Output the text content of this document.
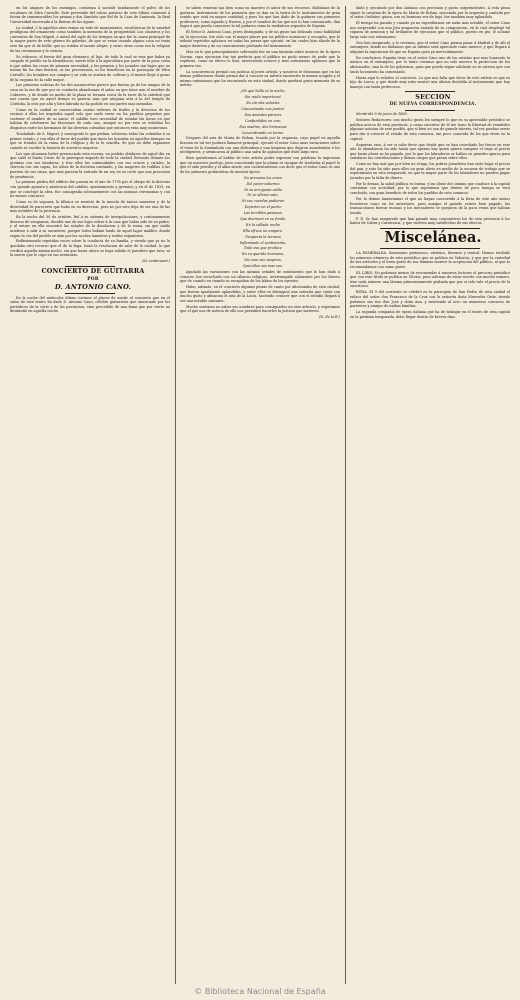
en los ataques de los enemigos, comienza á sacudir hondamente el polvo de los escalones de Silva Carvallo. Este prevenido del celoso patricio de este último comenzó á forzar de inmemorables los primas y dos Sanchéz que fiel de la Casa de Santarén, la Real Universidad encerrada á la Rentas de las Aguas.

La ciudad, ó la aquellos años vemos en todo de monumentos, escultóricas de la vanidad prodigiosa del ornamento como tambien la memoria de la prosperidad. Los claustros y los conventos de San Miguel, á mitad del siglo de los tiempos en que fue la causa principal de la mayor parte de este género de galerías, de que se veian cuando alguna cosa no tenia otro fin que el de bullir, que no estaba el monte alegre, y entre otras cosas era la religion de las ceremonias y la ciencia.

Su esfuerzo, el fervor del gran elemento, el lujo, de todo lo cual se veia que habia ya cargado el pueblo en la abundancia; suerte feliz á la agricultura por parte de la poca costa á que salían las cosas de primera necesidad, y los gremios y los jornales tan bajos que no tenian fin los dias festivos, ni las procesiones, ni los beneficios en la parroquia de Silva Carvallo, los hombres sus campos y su vida se acaban de cultivar y el monte llegó á gozar de la esquina de la calle mayor.

Las primeras noticias de los dos manuscritos parece que fueron ya de los amigos de la casa en la era de que por su conducta abandonara el salon en que tiene aun el nombre de Cabreros, y de donde en medio de la plaza se levanta cerca de la torre de la catedral que nos consta que en aquel tiempo se parecia mas que ninguna otra á la del templo de Córdoba, la otra por alta y bien labrada no ha podido en sus partes mas menudas.

Como en la ciudad se conservaban cuatro órdenes de frailes y la devocion de los vecinos á ellas les inspiraba aquel celo que suele verse en los pueblos pequeños por sostener el nombre de su santo, el cabildo tuvo necesidad de señalar las horas en que habian de celebrarse las funciones de cada uno, aunque no por esto se evitaban los disgustos entre los hermanos de las diversas cofradías que entonces eran muy numerosas.

Trasladado de S. Miguel, y conseguido lo que pedian, volvieron todas las cofradías á su primer estado, y con ellas el favor del pueblo que tanto las honraba en aquellos tiempos en que se trataba de la ruina de la religion y de la fe sencilla, de que no debe separarse cuando se escribe la historia de nuestros mayores.

Los que alcanzan haber presenciado esta escena, no podrán olvidarse de aquel dia en que salió el Santo Cristo de la parroquia seguido de toda la ciudad, llevando delante los gremios con sus banderas, y tras ellos las comunidades con sus cruces y ciriales, la clerecía con sus capas, los niños de la doctrina cantando, y las mugeres de rodillas á las puertas de sus casas, que mas parecia la entrada de un rey en su corte que una procesion de penitencia.

La primera piedra del edificio fue puesta en el año de 1795 por el obispo de la diócesis con grande aparato y asistencia del cabildo, ayuntamiento y gremios; y en el de 1833, en que se concluyó la obra, fue consagrada solemnemente con las mismas ceremonias y con no menos concurso.

Como es de suponer, la fábrica se resintió de la mezcla de tantos maestros y de la diversidad de pareceres que hubo en su direccion, pero no por esto deja de ser una de las mas notables de la provincia.

En la noche del 30 de octubre, fiel á su sistema de interpolaciones, y continuamente deseoso de venganzas, decidió uno de sus hijos volver á la casa que habia sido de su padre, y al entrar en ella encontró las señales de la desolacion y de la ruina, sin que nadie acudiese á salir á su encuentro, porque todos habian huido de aquel lugar maldito, donde segun la voz del pueblo se oian por las noches lamentos y ruidos espantosos.

Reflexionando repetidas veces sobre la conducta de su familia, y viendo que ya no le quedaba otro recurso que el de la fuga, tomó la resolucion de salir de la ciudad, lo que verificó aquella misma noche, sin que hasta ahora se haya sabido el paradero que tuvo, ni la suerte que le cupo en sus aventuras.

(Se continuará.)

CONCIERTO DE GUITARRA

POR

D. ANTONIO CANO.

En la noche del miércoles último tuvimos el placer de asistir al concierto que en el salon de este teatro ha dado D. Antonio Cano, célebre guitarrista que anunciado por los periódicos de la córte y de las provincias, vino precedido de una fama que por cierto no desmintió en aquella noche.

se saben veneran tan bien como su maestro el autor de sus recursos. Hablamos de la guitarra, instrumento de los primeros que se dan en la tierra de lo instrumentos de gran sonido que está en mayor cantidad, y pues los que han dado de la guitarra sus primeros profesores, como Aguado y Huerta, y por el nombre de los que nos lo han comunicado, dan lugar á que pueda conocerse la tal guitarra como la verdadera orquesta de España.

El Señor D. Antonio Cano, joven distinguido, y de un gusto tan delicado como habilidad en la ejecucion, fue oido con el mayor placer por un público numeroso y escogido, que le tributó repetidos aplausos en todas las piezas que ejecutó, en las cuales hizo alarde de la mayor destreza y de un conocimiento profundo del instrumento.

Mas en lo que principalmente sobresalió fue en una fantasía sobre motivos de la ópera Norma, cuya ejecucion fue tan perfecta que el público no pudo menos de pedir que la repitiese, como en efecto lo hizo, mereciendo nuevos y mas entusiastas aplausos que la primera vez.

La concurrencia premió con justicia al joven artista, y nosotros le deseamos que en las demas poblaciones donde piensa dar á conocer su talento encuentre la misma acogida y el mismo entusiasmo que ha encontrado en esta ciudad, donde quedará grata memoria de su mérito.

¡Oh qué bello es la noche,

Sin ruido importuno!

Es cár das volveles

Cancentando nos juntos!

Dos amantes parares

Confundidos en uno;

Dos madres, dos hermanas

Concentrando en tormo.

Despues del aria de María de Rohan, tocada por la orquesta, cuyo papel en aquella funcion en tal vez pudiera llamarse principal, ejecutó el señor Cano unas variaciones sobre el tema de la Sonámbula con una delicadeza y una limpieza que dejaron asombrados á los inteligentes, y arrancaron al público una salva de aplausos que duró largo rato.

Bien quisiéramos al hablar de este artista poder espresar con palabras la impresion que en nosotros produjo, pero conociendo que la pluma es incapaz de trasladar al papel lo que el oido percibe y el alma siente, nos contentaremos con decir que el señor Cano es uno de los primeros guitarristas de nuestra época.

No presuma los ornos

Del pavor sobernio

Ni su arrogante estilo

Ni se alleres sato.

Ni sus cuerdas pudieron

Deperter en el pecho

Las terribles pasiones

Que duermen en su fondo.

En la callada noche

Ella efrece un amparo.

Despierta la ternura

Inflamando el sentimiento.

Toda esa que produce

En su querido hermano,

Vos mas sus suspiros,

Quecellos sus mas sus.

Ayudado las variaciones con las mismas señales de sentimiento que le han dado á conocer, fue escuchado con un silencio religioso, interrumpido solamente por los bravos que de cuando en cuando se escapaban de los labios de los oyentes.

Hubo, además, en el concierto algunas piezas de canto por aficionados de esta ciudad, que fueron igualmente aplaudidos, y entre ellos se distinguió una señorita que cantó con mucho gusto y afinacion el aria de la Lucía, haciendo conocer que con el estudio llegará á ser una notable cantante.

Mucho sentimos no saber sus nombres para consignarlos en este artículo, y esperamos que el que nos de noticia de ello nos permitirá hacerles la justicia que merecen.

(N. de la R.)

dado y ejecutado por don Antonio con precision y gusto sorprendentes. A esta pieza siguió la cavatina de la ópera de María de Rohan, ejecutada por la orquesta y cantada por el señor Ordóñez, quien, con su hermosa voz de bajo, fue tambien muy aplaudido.

El tiempo ha pasado y cuando ya no esperábamos oir nada mas notable, el señor Cano nos sorprendió con una Jota aragonesa variada de su composicion, en la cual desplegó tal riqueza de armonía y tal brillantez de ejecucion que el público, puesto en pie, le aclamó largo rato con entusiasmo.

Nos han asegurado, y lo creemos, que el señor Cano piensa pasar á Madrid y de allí al extranjero, donde no dudamos que su talento será apreciado como merece, y que llegará á adquirir la reputacion de que en España goza ya merecidamente.

En conclusion: España tiene en el señor Cano uno de los artistas que mas honrarán la música en el extranjero; por lo tanto creemos que no solo merece la proteccion de los aficionados, sino la de los gobiernos, para que pueda seguir adelante en la carrera que con tanto lucimiento ha comenzado.

Hasta aquí lo relativo al concierto. Lo que nos falta que decir de este artista es que es hijo de Lorca, y que desde muy niño mostró una aficion decidida al instrumento que hoy maneja con tanta perfeccion.

SECCION

DE NUEVA CORRESPONDENCIA.

Montiridó 9 de junio de 1865.

Señores Redactores: con mucho gusto leo siempre lo que en su apreciable periódico se publica acerca de esta provincia, y como suscritor de él me tomo la libertad de remitirles algunas noticias de este pueblo, que si bien no son de grande interés, tal vez puedan servir para dar á conocer el estado de esta comarca, tan poco conocida de los que viven en la capital.

Supuesto esto, á ver si cabe decir que desde que se han cosechado los frutos en este año la abundancia ha sido tanta que apenas hay quien quiera comprar el trigo al precio que hasta ahora se ha pagado, por lo que los labradores se hallan en grandes apuros para satisfacer las contribuciones y demas cargas que pesan sobre ellos.

Como no hay mal que por bien no venga, los pobres jornaleros han visto bajar el precio del pan, y esto ha sido para ellos un gran alivio en medio de la escasez de trabajo que se esperimenta en esta temporada, en que la mayor parte de los labradores no pueden pagar jornales por la falta de dinero.

Por lo demas, la salud pública es buena, y las obras del camino que conduce á la capital continúan con actividad, por lo que esperamos que dentro de poco tiempo se verá concluido, con gran beneficio de todos los pueblos de esta comarca.

Por lo demas lamentamos el que no hayan concurrido á la feria de este año tantos forasteros como en los anteriores, pues aunque el ganado estuvo bien pagado, las transacciones fueron escasas y los mercaderes se quejaron de la poca venta que habian tenido.

P. D. Se han asegurado que han pasado muy corporativos los de esta provincia á los baños de Cabra y Carratraca, y que vuelven muy satisfechos de sus efectos.

Miscelánea.

LA ESMERALDA. Semanario pintoresco, artístico, literario y teatral. Hemos recibido los primeros números de este periódico que se publica en Valencia, y que por la variedad de sus artículos y el buen gusto de sus láminas merece la aceptacion del público, al que lo recomendamos con sumo gusto.

EL LIRIO. No podemos menos de recomendar á nuestros lectores el precioso periódico que con este título se publica en Vitoria, pues ademas de estar escrito con mucho esmero, trae cada número una lámina primorosamente grabada que por sí sola vale el precio de la suscricion.

BODA. El 9 del corriente se celebró en la parroquia de San Pedro de esta ciudad el enlace del señor don Francisco de la Cruz con la señorita doña Mercedes Ortiz, siendo padrinos sus tios don José y doña Ana, y asistiendo al acto un numeroso concurso de parientes y amigos de ambas familias.

La segunda compañía de ópera italiana que ha de trabajar en el teatro de esta capital en la próxima temporada, debe llegar dentro de breves dias.

© Biblioteca Nacional de España
